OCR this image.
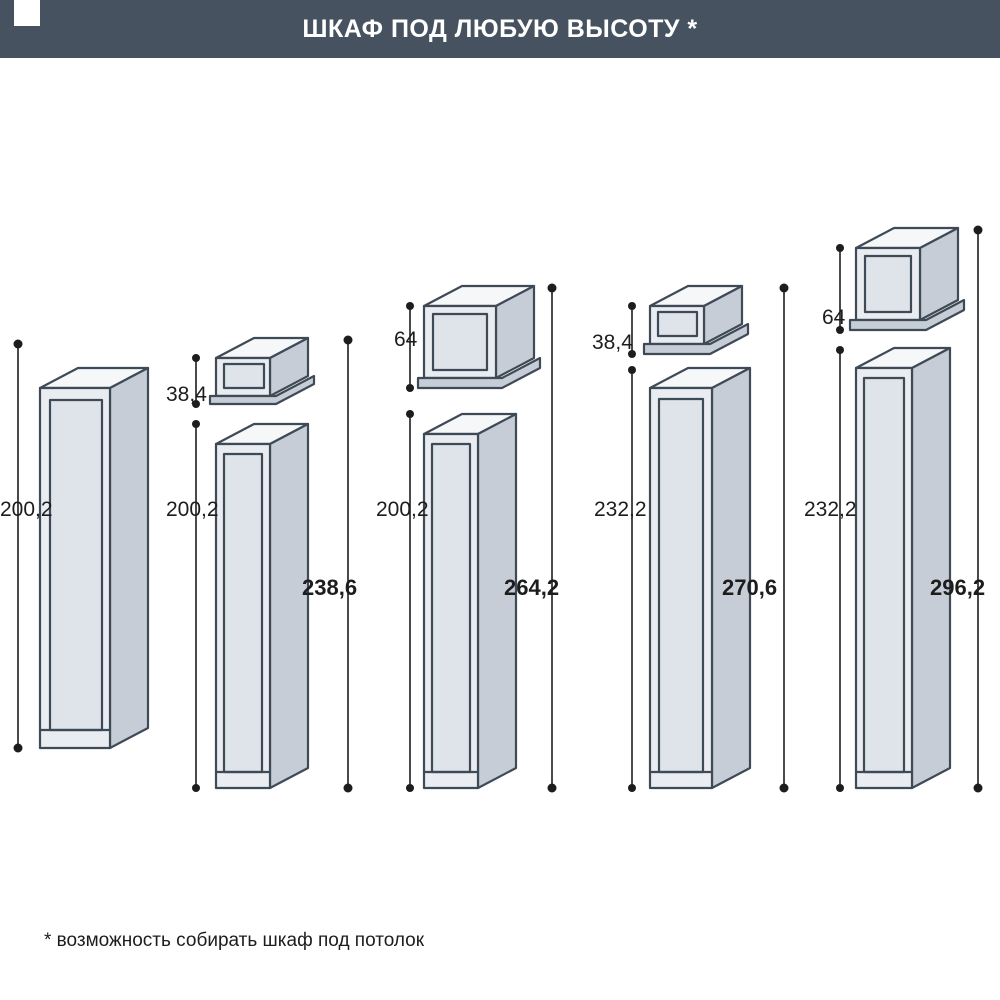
ШКАФ ПОД ЛЮБУЮ ВЫСОТУ *
200,2
38,4
200,2
238,6
64
200,2
264,2
38,4
232,2
270,6
64
232,2
296,2
* возможность собирать шкаф под потолок
